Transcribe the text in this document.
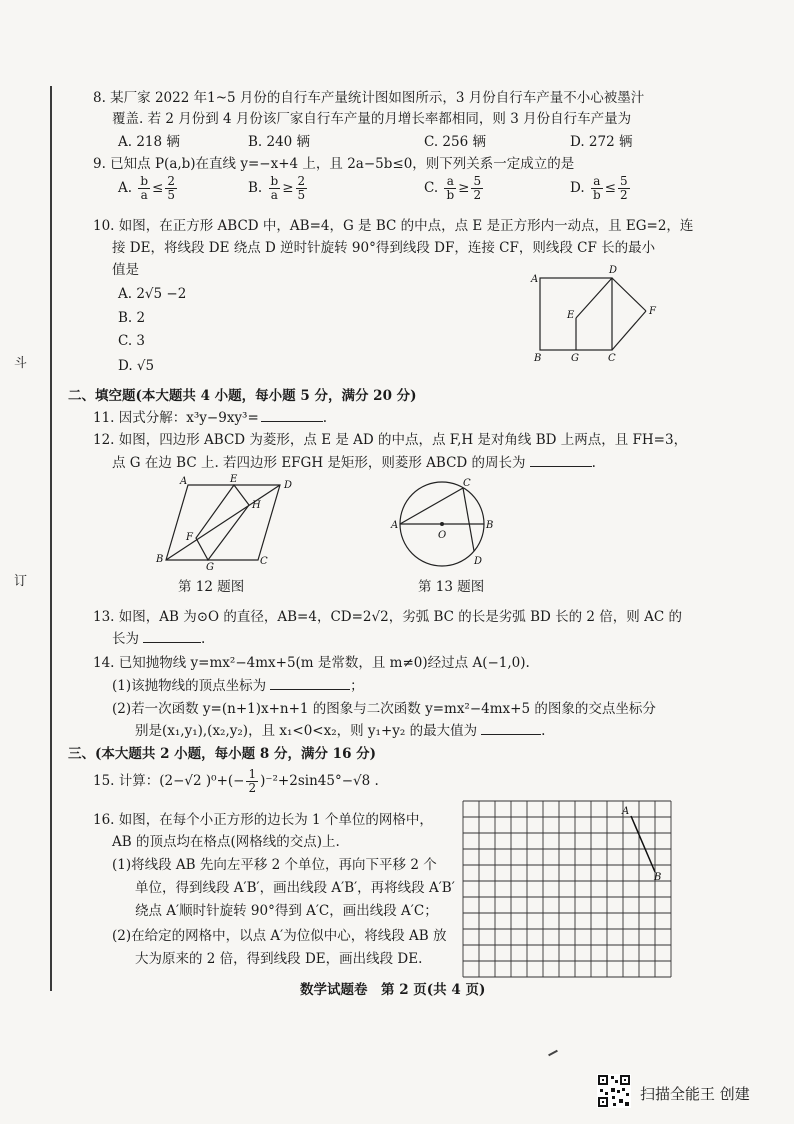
斗
订
8. 某厂家 2022 年1~5 月份的自行车产量统计图如图所示，3 月份自行车产量不小心被墨汁
覆盖. 若 2 月份到 4 月份该厂家自行车产量的月增长率都相同，则 3 月份自行车产量为
A. 218 辆	B. 240 辆	C. 256 辆	D. 272 辆
9. 已知点 P(a,b)在直线 y=−x+4 上，且 2a−5b≤0，则下列关系一定成立的是
A. $\frac{b}{a} \le \frac{2}{5}$	B. $\frac{b}{a} \ge \frac{2}{5}$	C. $\frac{a}{b} \ge \frac{5}{2}$	D. $\frac{a}{b} \le \frac{5}{2}$
10. 如图，在正方形 ABCD 中，AB=4，G 是 BC 的中点，点 E 是正方形内一动点，且 EG=2，连
接 DE，将线段 DE 绕点 D 逆时针旋转 90°得到线段 DF，连接 CF，则线段 CF 长的最小
值是
A. 2√5 −2
B. 2
C. 3
D. √5
A
D
E	F
B	G	C
二、填空题(本大题共 4 小题，每小题 5 分，满分 20 分)
11. 因式分解：x³y−9xy³=	.
12. 如图，四边形 ABCD 为菱形，点 E 是 AD 的中点，点 F,H 是对角线 BD 上两点，且 FH=3，
点 G 在边 BC 上. 若四边形 EFGH 是矩形，则菱形 ABCD 的周长为	.
A	E
D
H
F
B
G
C
第 12 题图
A	B
C
D
O
第 13 题图
13. 如图，AB 为⊙O 的直径，AB=4，CD=2√2，劣弧 BC 的长是劣弧 BD 长的 2 倍，则 AC 的
长为	.
14. 已知抛物线 y=mx²−4mx+5(m 是常数，且 m≠0)经过点 A(−1,0).
(1)该抛物线的顶点坐标为	；
(2)若一次函数 y=(n+1)x+n+1 的图象与二次函数 y=mx²−4mx+5 的图象的交点坐标分
别是(x₁,y₁),(x₂,y₂)，且 x₁<0<x₂，则 y₁+y₂ 的最大值为	.
三、(本大题共 2 小题，每小题 8 分，满分 16 分)
15. 计算：(2−√2 )$^0+(- \frac{1}{2} )^{-2}+2\sin 45^\circ-√8$ .
16. 如图，在每个小正方形的边长为 1 个单位的网格中，
AB 的顶点均在格点(网格线的交点)上.
(1)将线段 AB 先向左平移 2 个单位，再向下平移 2 个
单位，得到线段 A′B′，画出线段 A′B′，再将线段 A′B′
绕点 A′顺时针旋转 90°得到 A′C，画出线段 A′C；
(2)在给定的网格中，以点 A′为位似中心，将线段 AB 放
大为原来的 2 倍，得到线段 DE，画出线段 DE.
A
B
数学试题卷　第 2 页(共 4 页)
扫描全能王 创建
